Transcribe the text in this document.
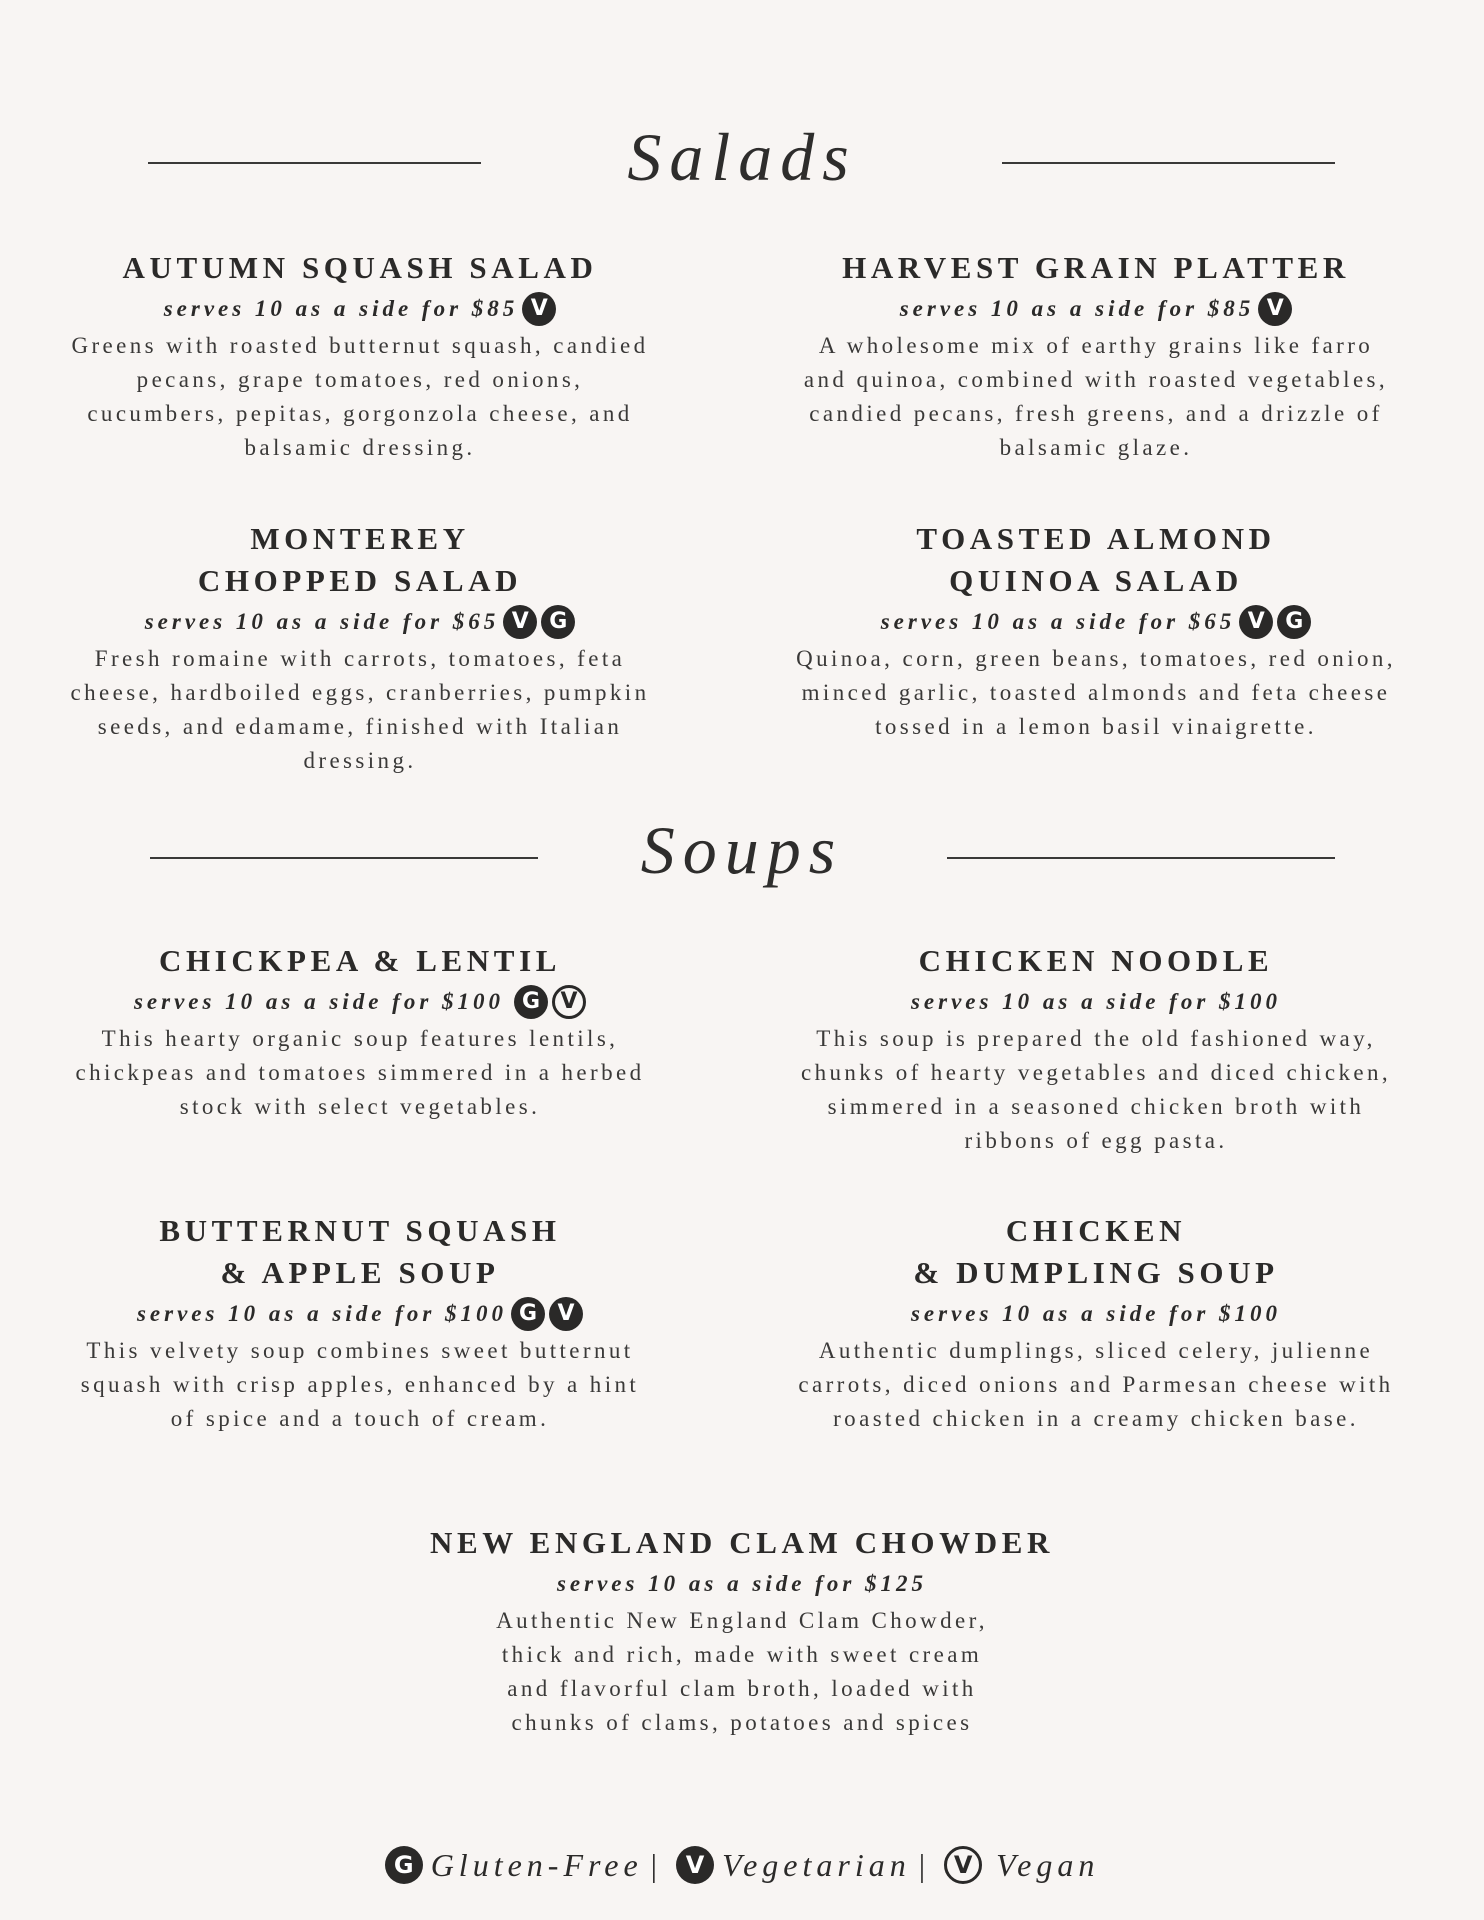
Salads
AUTUMN SQUASH SALAD
serves 10 as a side for $85 V
Greens with roasted butternut squash, candied pecans, grape tomatoes, red onions, cucumbers, pepitas, gorgonzola cheese, and balsamic dressing.
HARVEST GRAIN PLATTER
serves 10 as a side for $85 V
A wholesome mix of earthy grains like farro and quinoa, combined with roasted vegetables, candied pecans, fresh greens, and a drizzle of balsamic glaze.
MONTEREY
CHOPPED SALAD
serves 10 as a side for $65 V G
Fresh romaine with carrots, tomatoes, feta cheese, hardboiled eggs, cranberries, pumpkin seeds, and edamame, finished with Italian dressing.
TOASTED ALMOND
QUINOA SALAD
serves 10 as a side for $65 V G
Quinoa, corn, green beans, tomatoes, red onion, minced garlic, toasted almonds and feta cheese tossed in a lemon basil vinaigrette.
Soups
CHICKPEA & LENTIL
serves 10 as a side for $100 G V
This hearty organic soup features lentils, chickpeas and tomatoes simmered in a herbed stock with select vegetables.
CHICKEN NOODLE
serves 10 as a side for $100
This soup is prepared the old fashioned way, chunks of hearty vegetables and diced chicken, simmered in a seasoned chicken broth with ribbons of egg pasta.
BUTTERNUT SQUASH
& APPLE SOUP
serves 10 as a side for $100 G V
This velvety soup combines sweet butternut squash with crisp apples, enhanced by a hint of spice and a touch of cream.
CHICKEN
& DUMPLING SOUP
serves 10 as a side for $100
Authentic dumplings, sliced celery, julienne carrots, diced onions and Parmesan cheese with roasted chicken in a creamy chicken base.
NEW ENGLAND CLAM CHOWDER
serves 10 as a side for $125
Authentic New England Clam Chowder, thick and rich, made with sweet cream and flavorful clam broth, loaded with chunks of clams, potatoes and spices
G Gluten-Free | V Vegetarian | V Vegan
